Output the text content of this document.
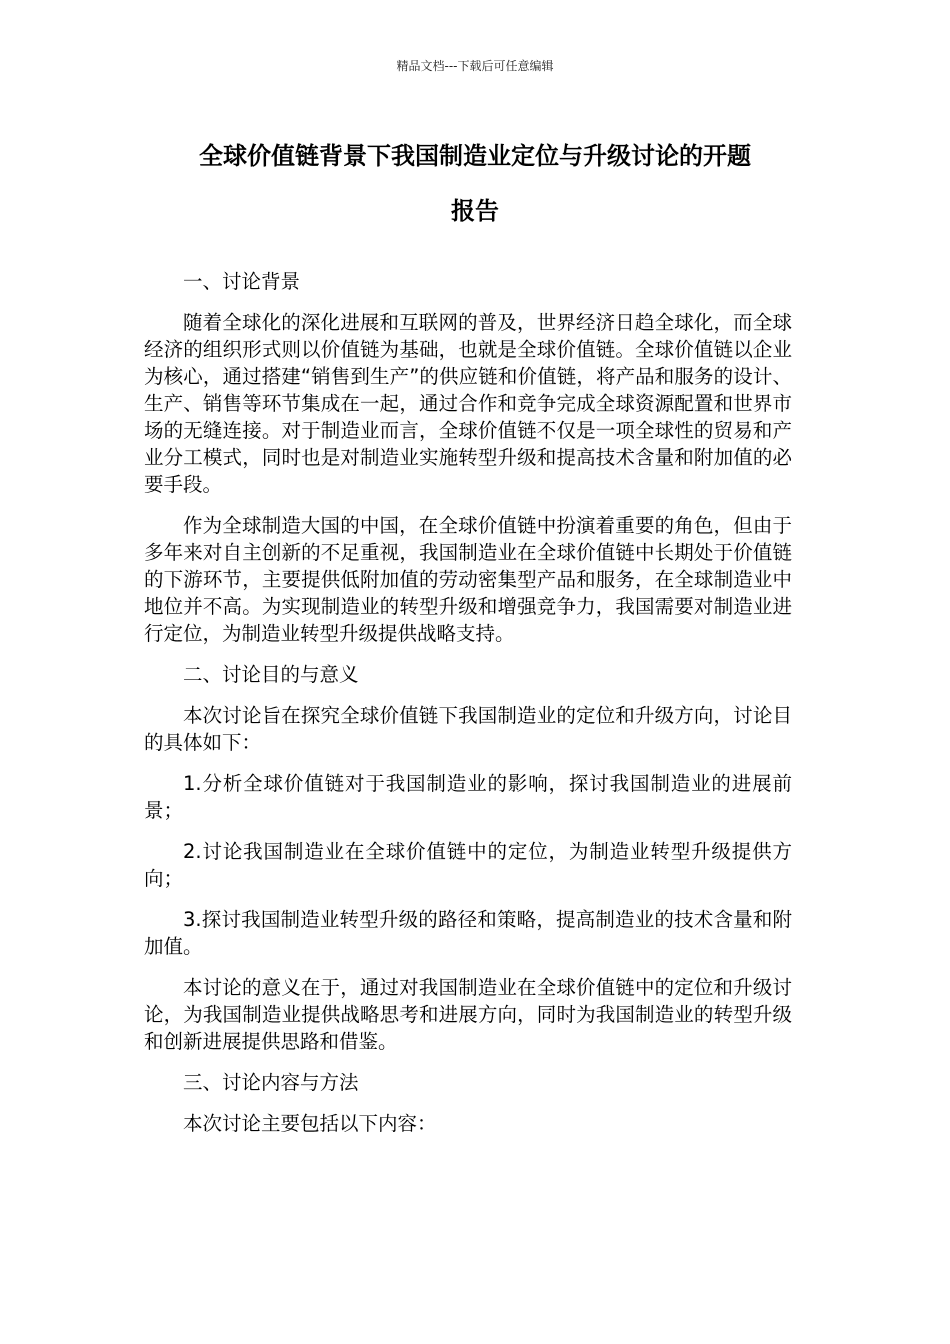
精品文档---下载后可任意编辑
全球价值链背景下我国制造业定位与升级讨论的开题
报告

一、讨论背景

随着全球化的深化进展和互联网的普及，世界经济日趋全球化，而全球经济的组织形式则以价值链为基础，也就是全球价值链。全球价值链以企业为核心，通过搭建“销售到生产”的供应链和价值链，将产品和服务的设计、生产、销售等环节集成在一起，通过合作和竞争完成全球资源配置和世界市场的无缝连接。对于制造业而言，全球价值链不仅是一项全球性的贸易和产业分工模式，同时也是对制造业实施转型升级和提高技术含量和附加值的必要手段。

作为全球制造大国的中国，在全球价值链中扮演着重要的角色，但由于多年来对自主创新的不足重视，我国制造业在全球价值链中长期处于价值链的下游环节，主要提供低附加值的劳动密集型产品和服务，在全球制造业中地位并不高。为实现制造业的转型升级和增强竞争力，我国需要对制造业进行定位，为制造业转型升级提供战略支持。

二、讨论目的与意义

本次讨论旨在探究全球价值链下我国制造业的定位和升级方向，讨论目的具体如下：

1.分析全球价值链对于我国制造业的影响，探讨我国制造业的进展前景；

2.讨论我国制造业在全球价值链中的定位，为制造业转型升级提供方向；

3.探讨我国制造业转型升级的路径和策略，提高制造业的技术含量和附加值。

本讨论的意义在于，通过对我国制造业在全球价值链中的定位和升级讨论，为我国制造业提供战略思考和进展方向，同时为我国制造业的转型升级和创新进展提供思路和借鉴。

三、讨论内容与方法

本次讨论主要包括以下内容：
